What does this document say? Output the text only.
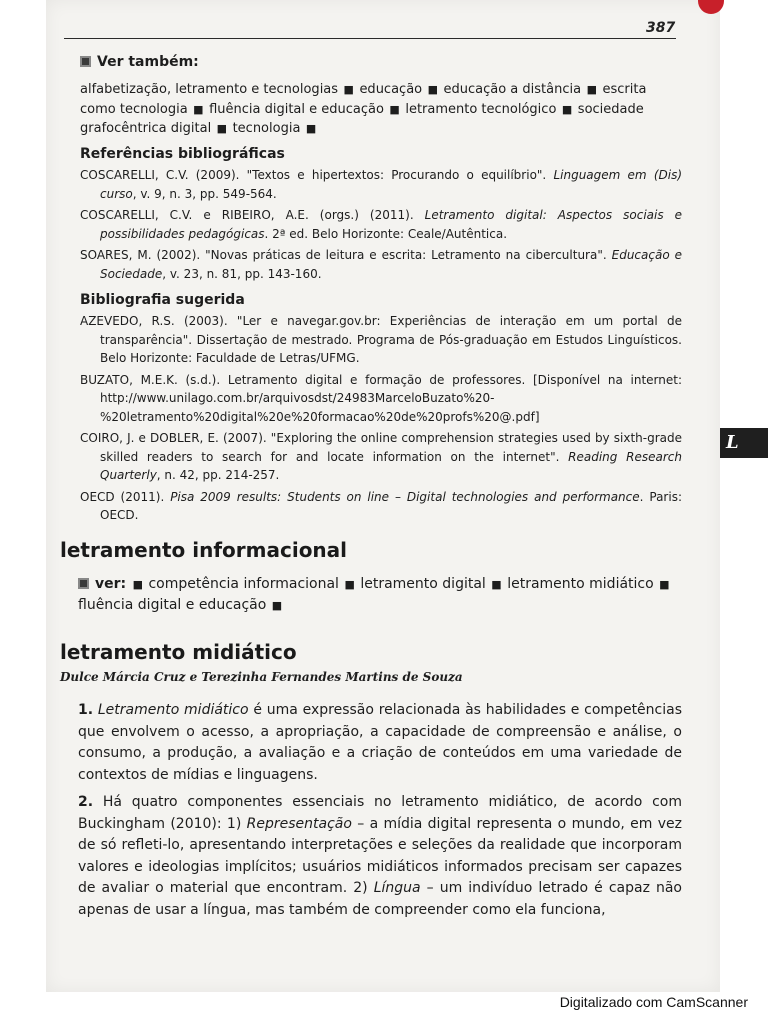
387
L
Ver também:
alfabetização, letramento e tecnologias ■ educação ■ educação a distância ■ escrita como tecnologia ■ fluência digital e educação ■ letramento tecnológico ■ sociedade grafocêntrica digital ■ tecnologia ■
Referências bibliográficas

COSCARELLI, C.V. (2009). "Textos e hipertextos: Procurando o equilíbrio". Linguagem em (Dis) curso, v. 9, n. 3, pp. 549-564.

COSCARELLI, C.V. e RIBEIRO, A.E. (orgs.) (2011). Letramento digital: Aspectos sociais e possibilidades pedagógicas. 2ª ed. Belo Horizonte: Ceale/Autêntica.

SOARES, M. (2002). "Novas práticas de leitura e escrita: Letramento na cibercultura". Educação e Sociedade, v. 23, n. 81, pp. 143-160.

Bibliografia sugerida

AZEVEDO, R.S. (2003). "Ler e navegar.gov.br: Experiências de interação em um portal de transparência". Dissertação de mestrado. Programa de Pós-graduação em Estudos Linguísticos. Belo Horizonte: Faculdade de Letras/UFMG.

BUZATO, M.E.K. (s.d.). Letramento digital e formação de professores. [Disponível na internet: http://www.unilago.com.br/arquivosdst/24983MarceloBuzato%20-%20letramento%20digital%20e%20formacao%20de%20profs%20@.pdf]

COIRO, J. e DOBLER, E. (2007). "Exploring the online comprehension strategies used by sixth-grade skilled readers to search for and locate information on the internet". Reading Research Quarterly, n. 42, pp. 214-257.

OECD (2011). Pisa 2009 results: Students on line – Digital technologies and performance. Paris: OECD.

letramento informacional
ver: ■ competência informacional ■ letramento digital ■ letramento midiático ■ fluência digital e educação ■
letramento midiático
Dulce Márcia Cruz e Terezinha Fernandes Martins de Souza

1. Letramento midiático é uma expressão relacionada às habilidades e competências que envolvem o acesso, a apropriação, a capacidade de compreensão e análise, o consumo, a produção, a avaliação e a criação de conteúdos em uma variedade de contextos de mídias e linguagens.

2. Há quatro componentes essenciais no letramento midiático, de acordo com Buckingham (2010): 1) Representação – a mídia digital representa o mundo, em vez de só refleti-lo, apresentando interpretações e seleções da realidade que incorporam valores e ideologias implícitos; usuários midiáticos informados precisam ser capazes de avaliar o material que encontram. 2) Língua – um indivíduo letrado é capaz não apenas de usar a língua, mas também de compreender como ela funciona,

Digitalizado com CamScanner
